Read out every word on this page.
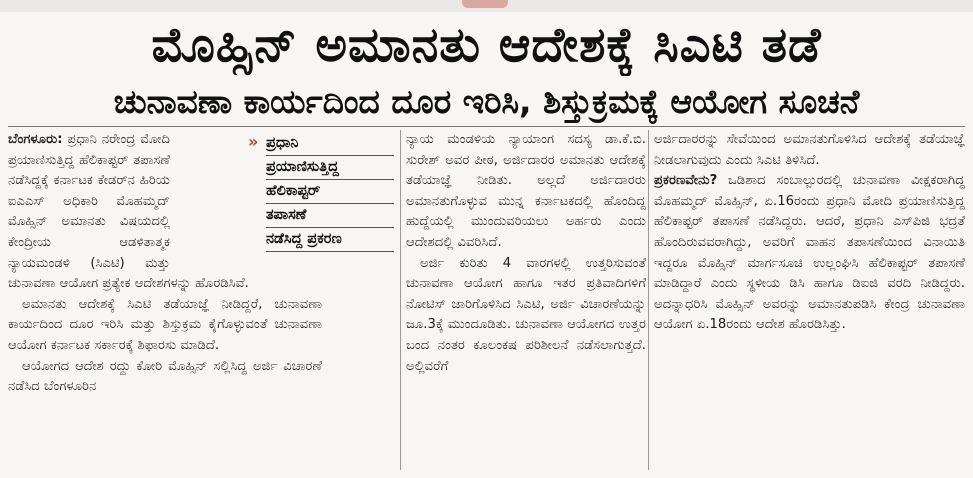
ಮೊಹ್ಸಿನ್ ಅಮಾನತು ಆದೇಶಕ್ಕೆ ಸಿಎಟಿ ತಡೆ
ಚುನಾವಣಾ ಕಾರ್ಯದಿಂದ ದೂರ ಇರಿಸಿ, ಶಿಸ್ತುಕ್ರಮಕ್ಕೆ ಆಯೋಗ ಸೂಚನೆ

ಬೆಂಗಳೂರು: ಪ್ರಧಾನಿ ನರೇಂದ್ರ ಮೋದಿ ಪ್ರಯಾಣಿಸುತ್ತಿದ್ದ ಹೆಲಿಕಾಪ್ಟರ್ ತಪಾಸಣೆ ನಡೆಸಿದ್ದಕ್ಕೆ ಕರ್ನಾಟಕ ಕೇಡರ್‌ನ ಹಿರಿಯ ಐಎಎಸ್ ಅಧಿಕಾರಿ ಮೊಹಮ್ಮದ್ ಮೊಹ್ಸಿನ್ ಅಮಾನತು ವಿಷಯದಲ್ಲಿ ಕೇಂದ್ರೀಯ ಆಡಳಿತಾತ್ಮಕ ನ್ಯಾಯಮಂಡಳಿ (ಸಿಎಟಿ) ಮತ್ತು ಚುನಾವಣಾ ಆಯೋಗ ಪ್ರತ್ಯೇಕ ಆದೇಶಗಳನ್ನು ಹೊರಡಿಸಿವೆ.

ಅಮಾನತು ಆದೇಶಕ್ಕೆ ಸಿಎಟಿ ತಡೆಯಾಜ್ಞೆ ನೀಡಿದ್ದರೆ, ಚುನಾವಣಾ ಕಾರ್ಯದಿಂದ ದೂರ ಇರಿಸಿ ಮತ್ತು ಶಿಸ್ತುಕ್ರಮ ಕೈಗೊಳ್ಳುವಂತೆ ಚುನಾವಣಾ ಆಯೋಗ ಕರ್ನಾಟಕ ಸರ್ಕಾರಕ್ಕೆ ಶಿಫಾರಸು ಮಾಡಿದೆ.

ಆಯೋಗದ ಆದೇಶ ರದ್ದು ಕೋರಿ ಮೊಹ್ಸಿನ್ ಸಲ್ಲಿಸಿದ್ದ ಅರ್ಜಿ ವಿಚಾರಣೆ ನಡೆಸಿದ ಬೆಂಗಳೂರಿನ

» ಪ್ರಧಾನಿ
ಪ್ರಯಾಣಿಸುತ್ತಿದ್ದ
ಹೆಲಿಕಾಪ್ಟರ್
ತಪಾಸಣೆ
ನಡೆಸಿದ್ದ ಪ್ರಕರಣ

ನ್ಯಾಯ ಮಂಡಳಿಯ ನ್ಯಾಯಾಂಗ ಸದಸ್ಯ ಡಾ.ಕೆ.ಬಿ. ಸುರೇಶ್ ಅವರ ಪೀಠ, ಅರ್ಜಿದಾರರ ಅಮಾನತು ಆದೇಶಕ್ಕೆ ತಡೆಯಾಜ್ಞೆ ನೀಡಿತು. ಅಲ್ಲದೆ ಅರ್ಜಿದಾರರು ಅಮಾನತುಗೊಳ್ಳುವ ಮುನ್ನ ಕರ್ನಾಟಕದಲ್ಲಿ ಹೊಂದಿದ್ದ ಹುದ್ದೆಯಲ್ಲಿ ಮುಂದುವರಿಯಲು ಅರ್ಹರು ಎಂದು ಆದೇಶದಲ್ಲಿ ವಿವರಿಸಿದೆ.

ಅರ್ಜಿ ಕುರಿತು 4 ವಾರಗಳಲ್ಲಿ ಉತ್ತರಿಸುವಂತೆ ಚುನಾವಣಾ ಆಯೋಗ ಹಾಗೂ ಇತರ ಪ್ರತಿವಾದಿಗಳಿಗೆ ನೋಟಿಸ್ ಜಾರಿಗೊಳಿಸಿದ ಸಿಎಟಿ, ಅರ್ಜಿ ವಿಚಾರಣೆಯನ್ನು ಜೂ.3ಕ್ಕೆ ಮುಂದೂಡಿತು. ಚುನಾವಣಾ ಆಯೋಗದ ಉತ್ತರ ಬಂದ ನಂತರ ಕೂಲಂಕಷ ಪರಿಶೀಲನೆ ನಡೆಸಲಾಗುತ್ತದೆ. ಅಲ್ಲಿವರೆಗೆ

ಅರ್ಜಿದಾರರನ್ನು ಸೇವೆಯಿಂದ ಅಮಾನತುಗೊಳಿಸಿದ ಆದೇಶಕ್ಕೆ ತಡೆಯಾಜ್ಞೆ ನೀಡಲಾಗುವುದು ಎಂದು ಸಿಎಟಿ ತಿಳಿಸಿದೆ.

ಪ್ರಕರಣವೇನು? ಒಡಿಶಾದ ಸಂಬಾಲ್ಪುರದಲ್ಲಿ ಚುನಾವಣಾ ವೀಕ್ಷಕರಾಗಿದ್ದ ಮೊಹಮ್ಮದ್ ಮೊಹ್ಸಿನ್, ಏ.16ರಂದು ಪ್ರಧಾನಿ ಮೋದಿ ಪ್ರಯಾಣಿಸುತ್ತಿದ್ದ ಹೆಲಿಕಾಪ್ಟರ್ ತಪಾಸಣೆ ನಡೆಸಿದ್ದರು. ಆದರೆ, ಪ್ರಧಾನಿ ಎಸ್‌ಪಿಜಿ ಭದ್ರತೆ ಹೊಂದಿರುವವರಾಗಿದ್ದು, ಅವರಿಗೆ ವಾಹನ ತಪಾಸಣೆಯಿಂದ ವಿನಾಯಿತಿ ಇದ್ದರೂ ಮೊಹ್ಸಿನ್ ಮಾರ್ಗಸೂಚಿ ಉಲ್ಲಂಘಿಸಿ ಹೆಲಿಕಾಪ್ಟರ್ ತಪಾಸಣೆ ಮಾಡಿದ್ದಾರೆ ಎಂದು ಸ್ಥಳೀಯ ಡಿಸಿ ಹಾಗೂ ಡಿಐಜಿ ವರದಿ ನೀಡಿದ್ದರು. ಅದನ್ನಾಧರಿಸಿ ಮೊಹ್ಸಿನ್ ಅವರನ್ನು ಅಮಾನತುಪಡಿಸಿ ಕೇಂದ್ರ ಚುನಾವಣಾ ಆಯೋಗ ಏ.18ರಂದು ಆದೇಶ ಹೊರಡಿಸಿತ್ತು.
